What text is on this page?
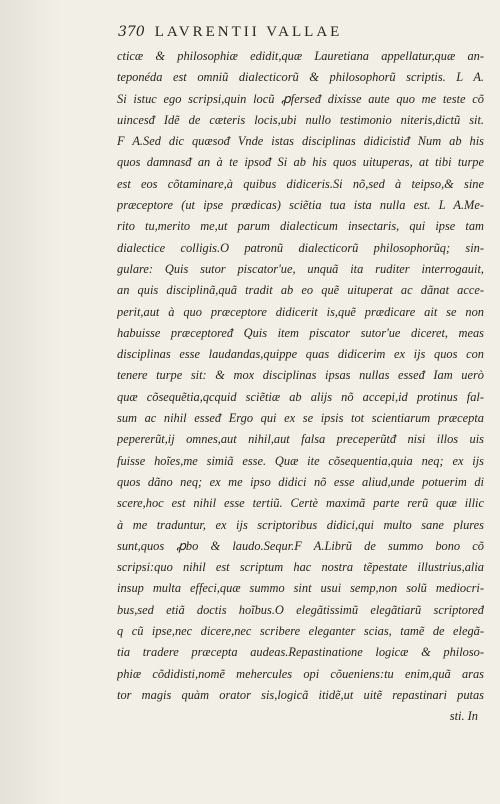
370 LAVRENTII VALLAE
cticæ & philosophiæ edidit,quæ Lauretiana appellatur,quæ an-
teponéda est omniũ dialecticorũ & philosophorũ scriptis. L A.
Si istuc ego scripsi,quin locũ ꝓferseᵭ dixisse aute quo me teste cõ
uincesᵭ Idẽ de cæteris locis,ubi nullo testimonio niteris,dictũ sit.
F A.Sed dic quæsoᵭ Vnde istas disciplinas didicistiᵭ Num ab his
quos damnasᵭ an à te ipsoᵭ Si ab his quos uituperas, at tibi turpe
est eos cõtaminare,à quibus didiceris.Si nõ,sed à teipso,& sine
præceptore (ut ipse prædicas) sciẽtia tua ista nulla est. L A.Me-
rito tu,merito me,ut parum dialecticum insectaris, qui ipse tam
dialectice colligis.O patronũ dialecticorũ philosophorũq; sin-
gulare: Quis sutor piscator'ue, unquã ita ruditer interrogauit,
an quis disciplinã,quã tradit ab eo quẽ uituperat ac dãnat acce-
perit,aut à quo præceptore didicerit is,quẽ prædicare ait se non
habuisse præceptoreᵭ Quis item piscator sutor'ue diceret, meas
disciplinas esse laudandas,quippe quas didicerim ex ijs quos con
tenere turpe sit: & mox disciplinas ipsas nullas esseᵭ Iam uerò
quæ cõsequẽtia,qcquid sciẽtiæ ab alijs nõ accepi,id protinus fal-
sum ac nihil esseᵭ Ergo qui ex se ipsis tot scientiarum præcepta
pepererũt,ij omnes,aut nihil,aut falsa preceperũtᵭ nisi illos uis
fuisse hoĩes,me simiã esse. Quæ ite cõsequentia,quia neq; ex ijs
quos dãno neq; ex me ipso didici nõ esse aliud,unde potuerim di
scere,hoc est nihil esse tertiũ. Certè maximã parte rerũ quæ illic
à me traduntur, ex ijs scriptoribus didici,qui multo sane plures
sunt,quos ꝓbo & laudo.Sequr.F A.Librũ de summo bono cõ
scripsi:quo nihil est scriptum hac nostra tẽpestate illustrius,alia
insup multa effeci,quæ summo sint usui semp,non solũ mediocri-
bus,sed etiã doctis hoĩbus.O elegãtissimũ elegãtiarũ scriptoreᵭ
q cũ ipse,nec dicere,nec scribere eleganter scias, tamẽ de elegã-
tia tradere præcepta audeas.Repastinatione logicæ & philoso-
phiæ cõdidisti,nomẽ mehercules opi cõueniens:tu enim,quã aras
tor magis quàm orator sis,logicã itidẽ,ut uitẽ repastinari putas
sti. In
